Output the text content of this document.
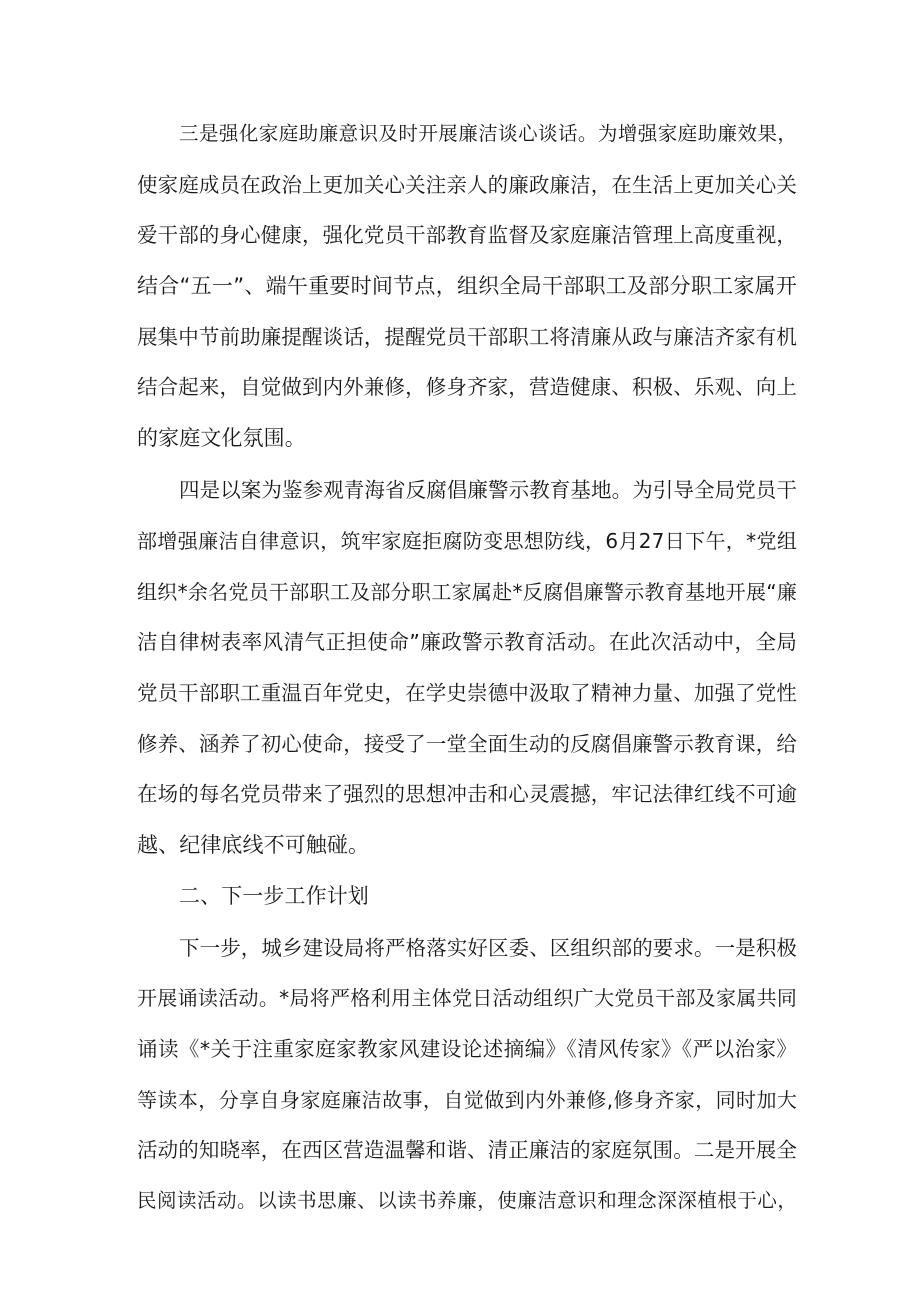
三是强化家庭助廉意识及时开展廉洁谈心谈话。为增强家庭助廉效果，
使家庭成员在政治上更加关心关注亲人的廉政廉洁，在生活上更加关心关
爱干部的身心健康，强化党员干部教育监督及家庭廉洁管理上高度重视，
结合“五一”、端午重要时间节点，组织全局干部职工及部分职工家属开
展集中节前助廉提醒谈话，提醒党员干部职工将清廉从政与廉洁齐家有机
结合起来，自觉做到内外兼修，修身齐家，营造健康、积极、乐观、向上
的家庭文化氛围。
四是以案为鉴参观青海省反腐倡廉警示教育基地。为引导全局党员干
部增强廉洁自律意识，筑牢家庭拒腐防变思想防线，6月27日下午，*党组
组织*余名党员干部职工及部分职工家属赴*反腐倡廉警示教育基地开展“廉
洁自律树表率风清气正担使命”廉政警示教育活动。在此次活动中，全局
党员干部职工重温百年党史，在学史崇德中汲取了精神力量、加强了党性
修养、涵养了初心使命，接受了一堂全面生动的反腐倡廉警示教育课，给
在场的每名党员带来了强烈的思想冲击和心灵震撼，牢记法律红线不可逾
越、纪律底线不可触碰。
二、下一步工作计划
下一步，城乡建设局将严格落实好区委、区组织部的要求。一是积极
开展诵读活动。*局将严格利用主体党日活动组织广大党员干部及家属共同
诵读《*关于注重家庭家教家风建设论述摘编》《清风传家》《严以治家》
等读本，分享自身家庭廉洁故事，自觉做到内外兼修,修身齐家，同时加大
活动的知晓率，在西区营造温馨和谐、清正廉洁的家庭氛围。二是开展全
民阅读活动。以读书思廉、以读书养廉，使廉洁意识和理念深深植根于心，
